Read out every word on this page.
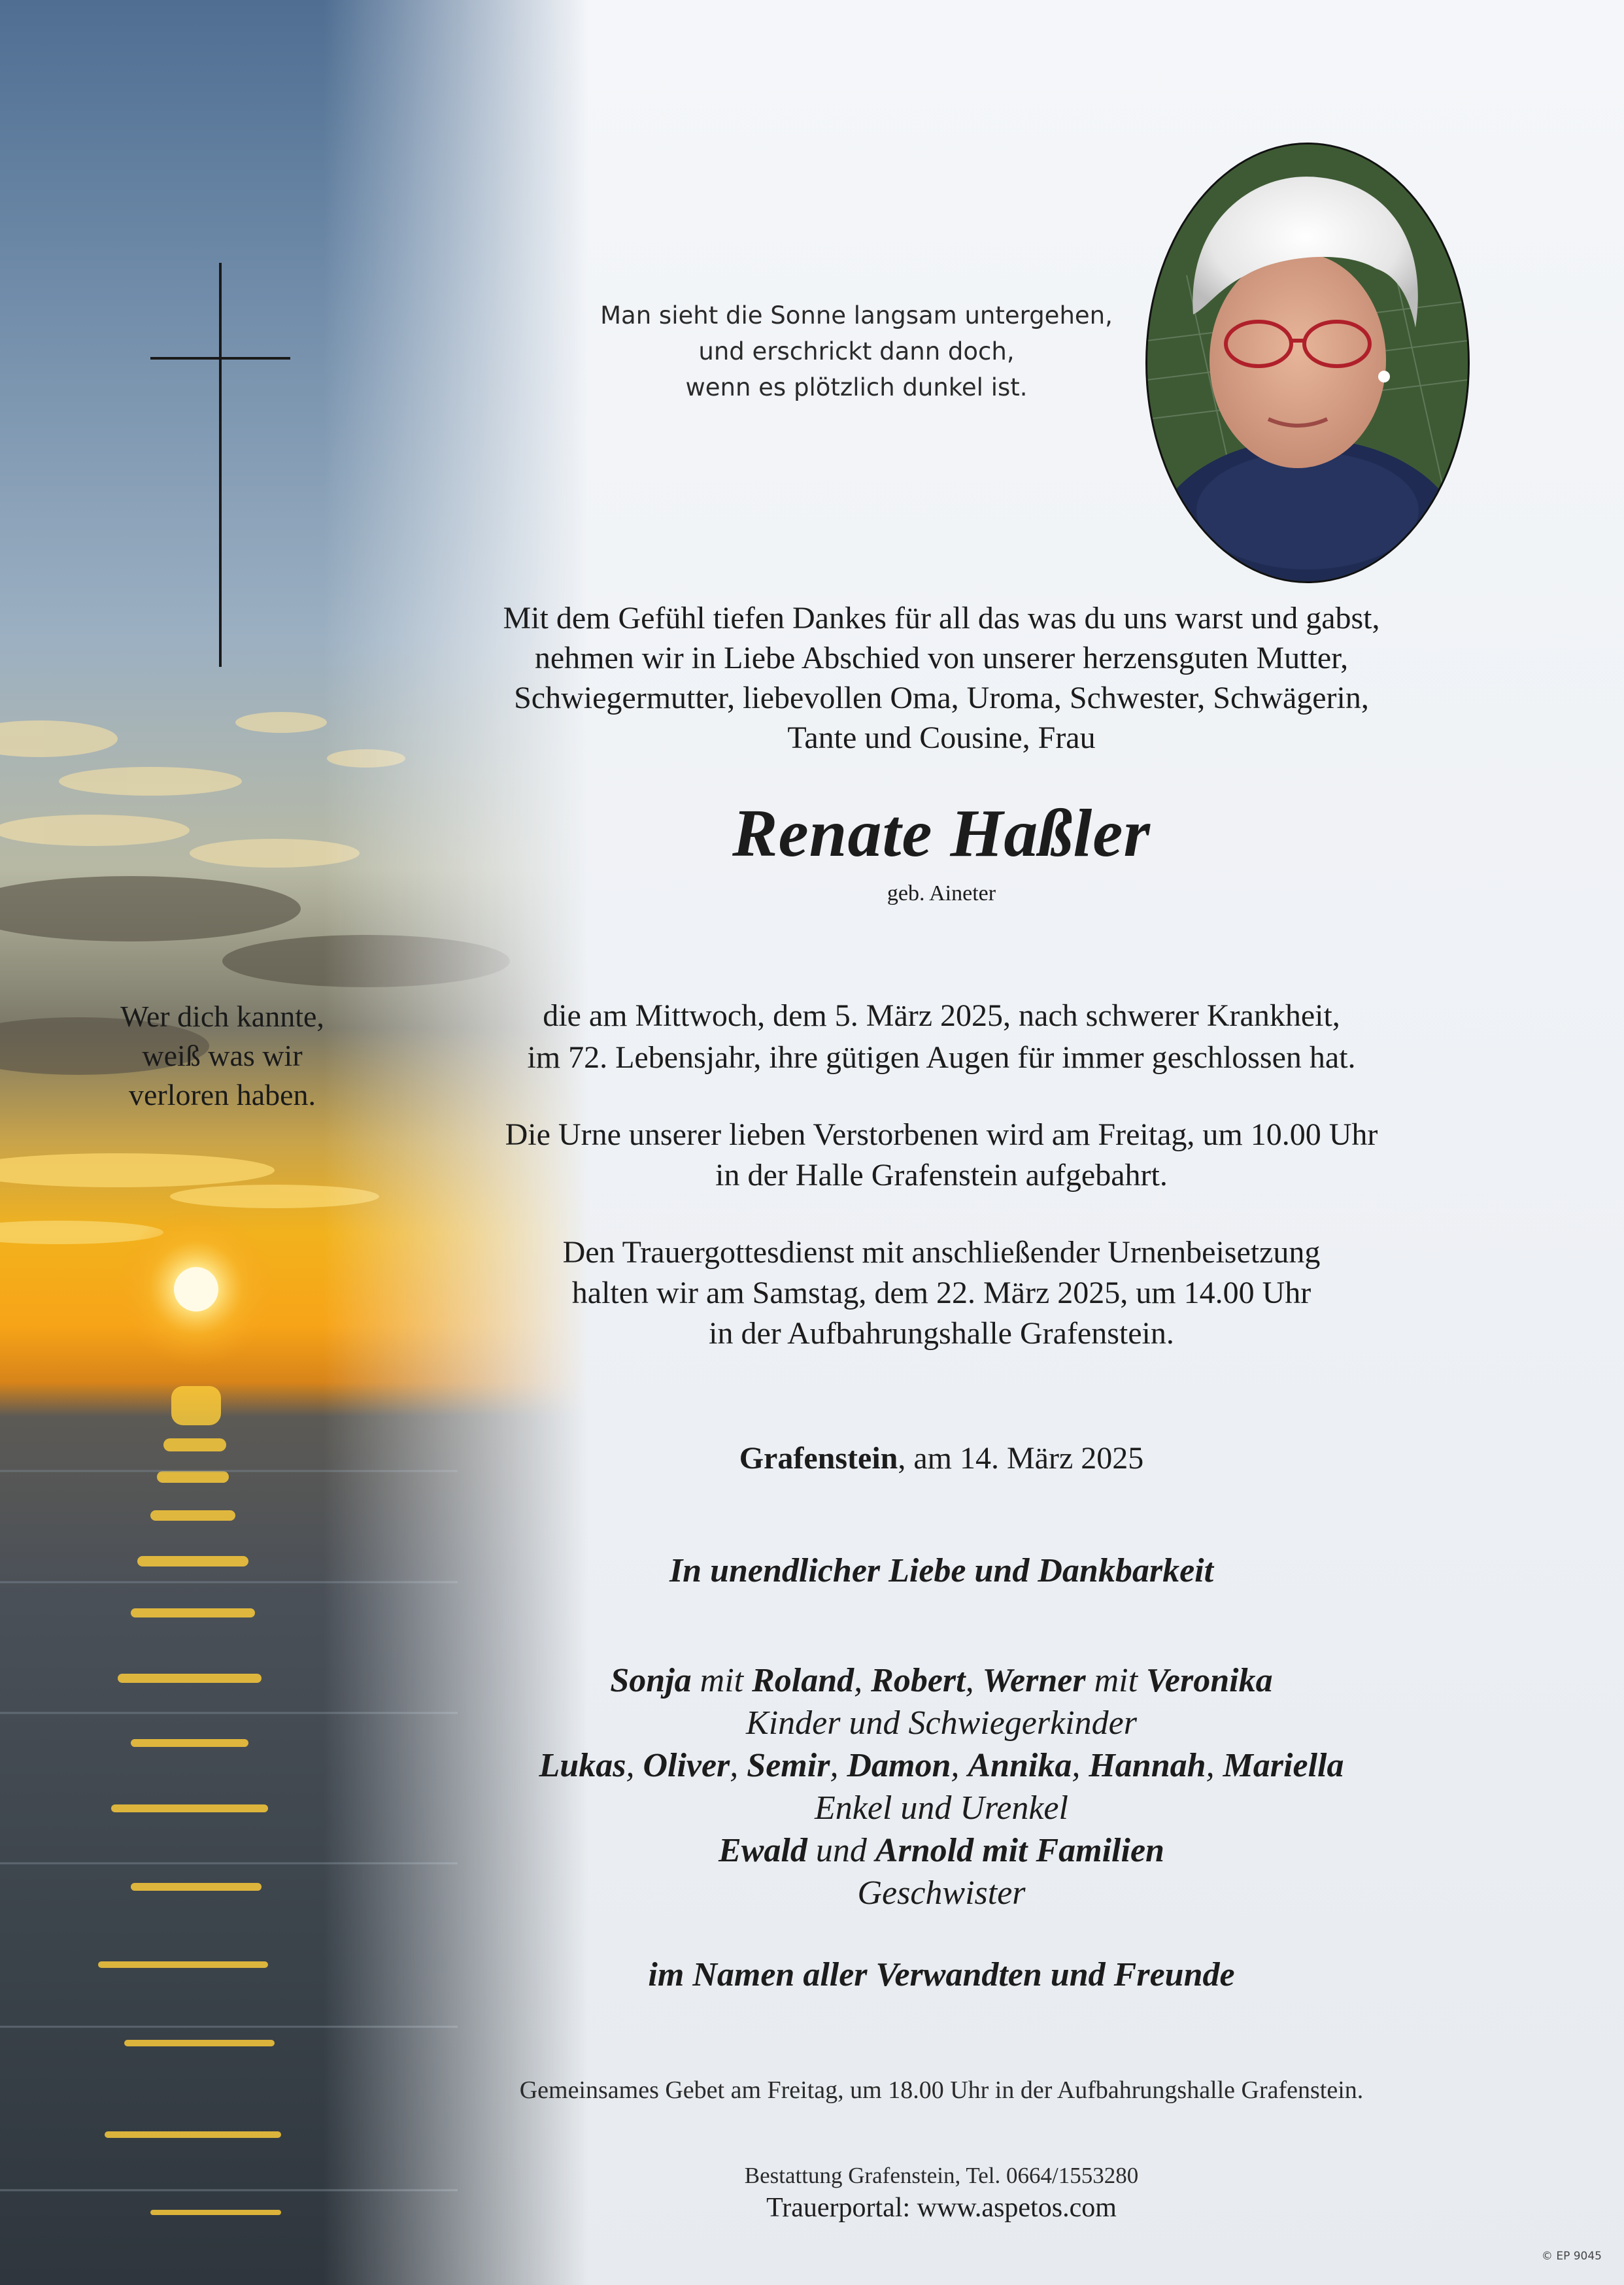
Man sieht die Sonne langsam untergehen,
und erschrickt dann doch,
wenn es plötzlich dunkel ist.
Mit dem Gefühl tiefen Dankes für all das was du uns warst und gabst,
nehmen wir in Liebe Abschied von unserer herzensguten Mutter,
Schwiegermutter, liebevollen Oma, Uroma, Schwester, Schwägerin,
Tante und Cousine, Frau
Renate Haßler
geb. Aineter
Wer dich kannte,
weiß was wir
verloren haben.
die am Mittwoch, dem 5. März 2025, nach schwerer Krankheit,
im 72. Lebensjahr, ihre gütigen Augen für immer geschlossen hat.
Die Urne unserer lieben Verstorbenen wird am Freitag, um 10.00 Uhr
in der Halle Grafenstein aufgebahrt.
Den Trauergottesdienst mit anschließender Urnenbeisetzung
halten wir am Samstag, dem 22. März 2025, um 14.00 Uhr
in der Aufbahrungshalle Grafenstein.
Grafenstein, am 14. März 2025
In unendlicher Liebe und Dankbarkeit
Sonja mit Roland, Robert, Werner mit Veronika
Kinder und Schwiegerkinder
Lukas, Oliver, Semir, Damon, Annika, Hannah, Mariella
Enkel und Urenkel
Ewald und Arnold mit Familien
Geschwister
im Namen aller Verwandten und Freunde
Gemeinsames Gebet am Freitag, um 18.00 Uhr in der Aufbahrungshalle Grafenstein.
Bestattung Grafenstein, Tel. 0664/1553280
Trauerportal: www.aspetos.com
© EP 9045
